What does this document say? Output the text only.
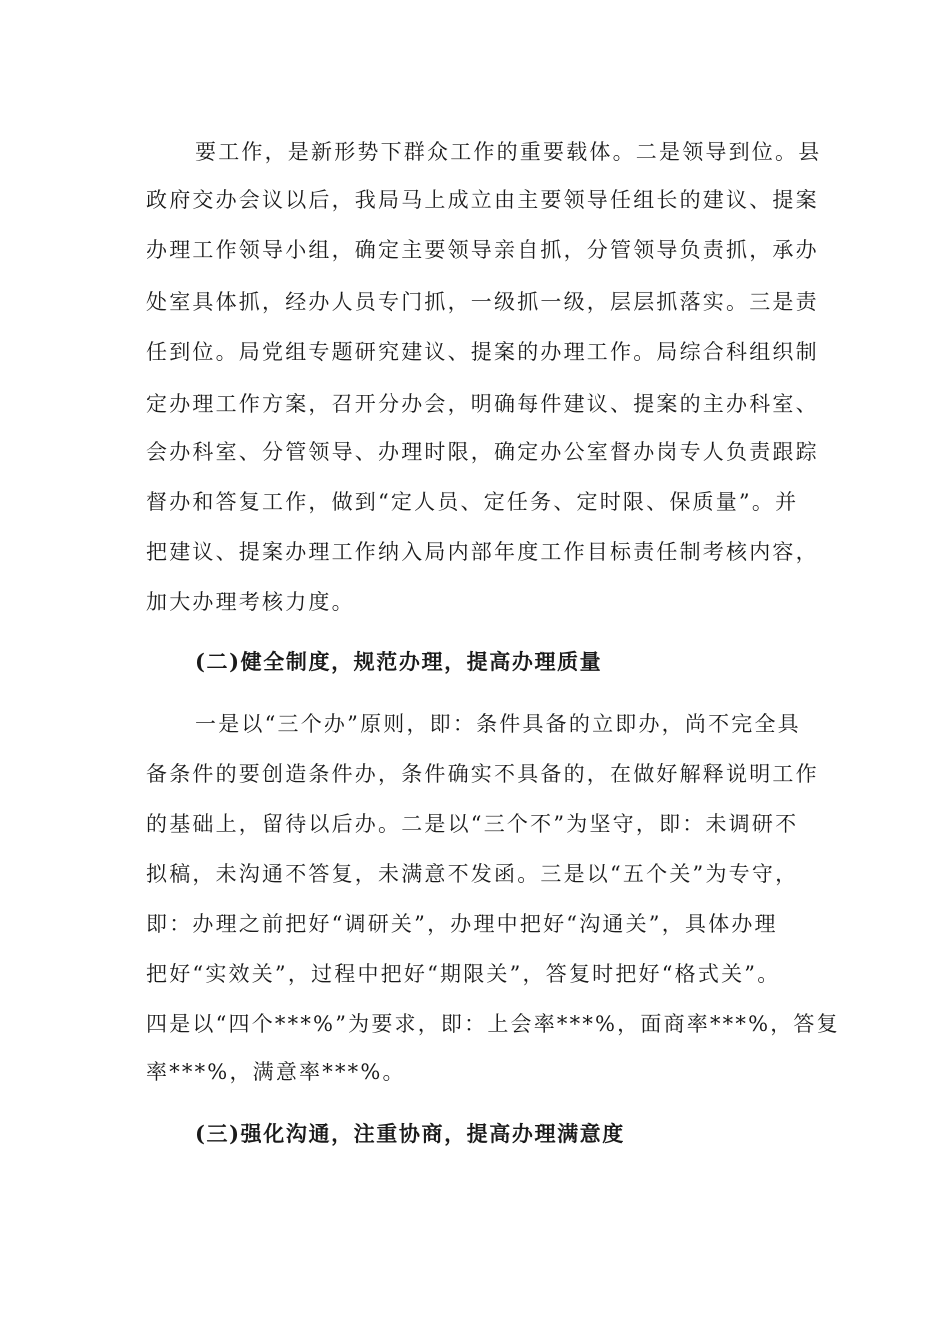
要工作，是新形势下群众工作的重要载体。二是领导到位。县
政府交办会议以后，我局马上成立由主要领导任组长的建议、提案
办理工作领导小组，确定主要领导亲自抓，分管领导负责抓，承办
处室具体抓，经办人员专门抓，一级抓一级，层层抓落实。三是责
任到位。局党组专题研究建议、提案的办理工作。局综合科组织制
定办理工作方案，召开分办会，明确每件建议、提案的主办科室、
会办科室、分管领导、办理时限，确定办公室督办岗专人负责跟踪
督办和答复工作，做到“定人员、定任务、定时限、保质量”。并
把建议、提案办理工作纳入局内部年度工作目标责任制考核内容，
加大办理考核力度。
(二)健全制度，规范办理，提高办理质量
一是以“三个办”原则，即：条件具备的立即办，尚不完全具
备条件的要创造条件办，条件确实不具备的，在做好解释说明工作
的基础上，留待以后办。二是以“三个不”为坚守，即：未调研不
拟稿，未沟通不答复，未满意不发函。三是以“五个关”为专守，
即：办理之前把好“调研关”，办理中把好“沟通关”，具体办理
把好“实效关”，过程中把好“期限关”，答复时把好“格式关”。
四是以“四个***%”为要求，即：上会率***%，面商率***%，答复
率***%，满意率***%。
(三)强化沟通，注重协商，提高办理满意度
